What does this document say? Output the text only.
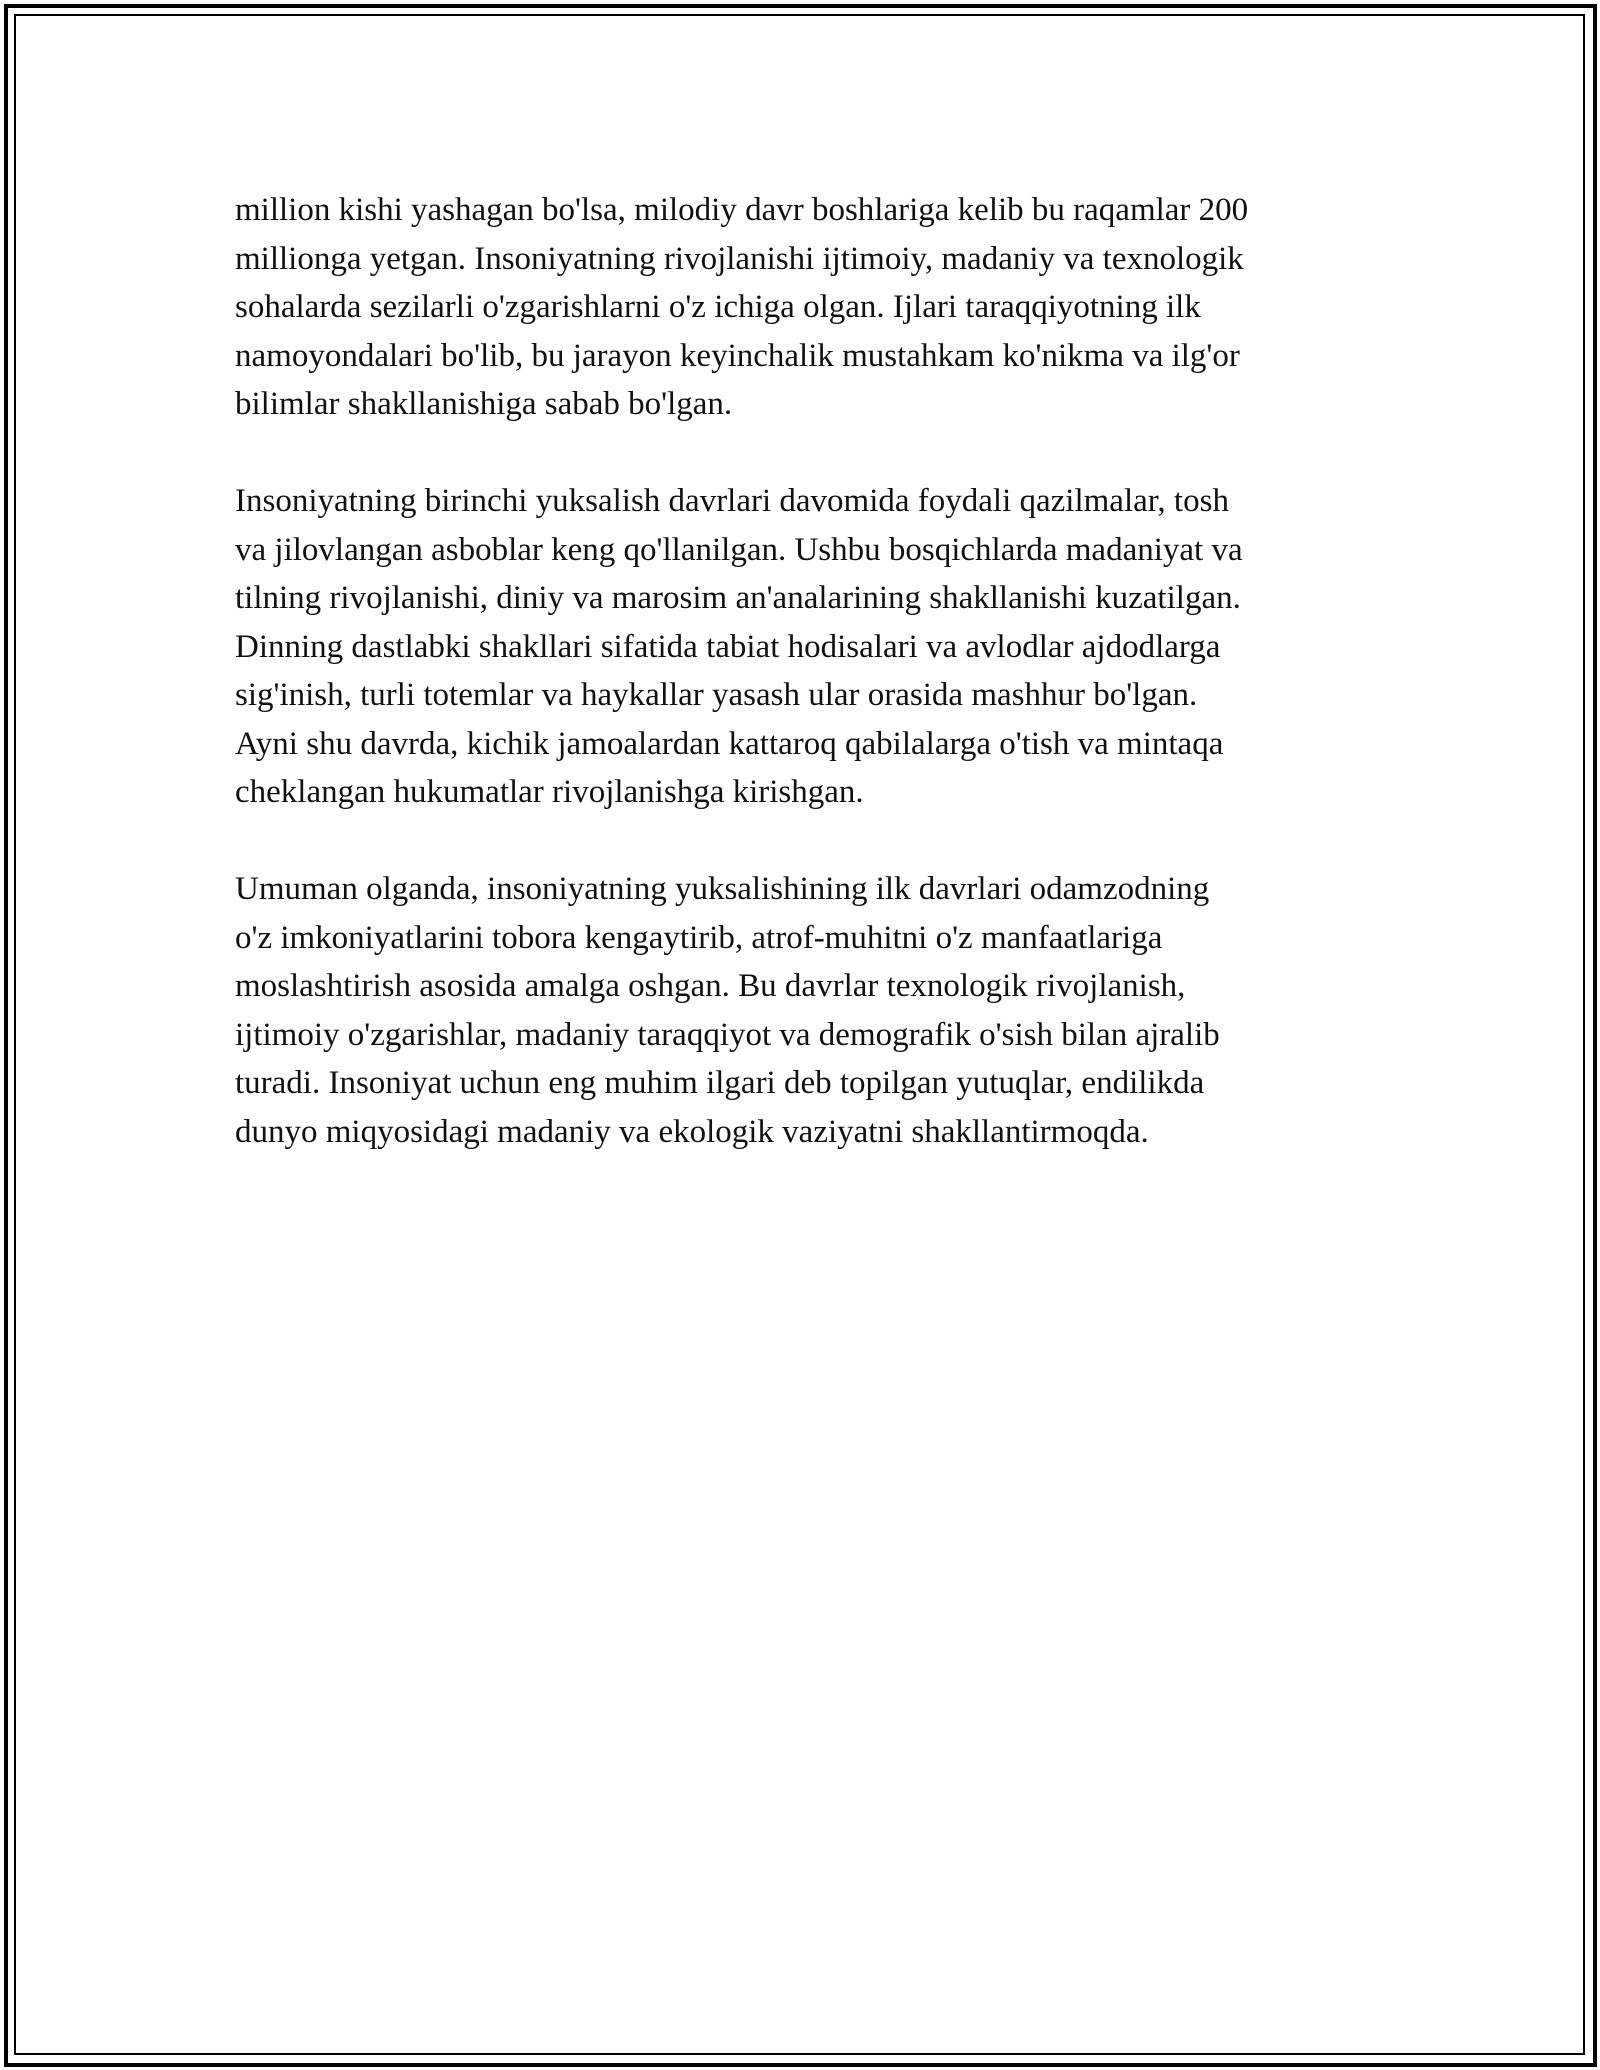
million kishi yashagan bo'lsa, milodiy davr boshlariga kelib bu raqamlar 200
millionga yetgan. Insoniyatning rivojlanishi ijtimoiy, madaniy va texnologik
sohalarda sezilarli o'zgarishlarni o'z ichiga olgan. Ijlari taraqqiyotning ilk
namoyondalari bo'lib, bu jarayon keyinchalik mustahkam ko'nikma va ilg'or
bilimlar shakllanishiga sabab bo'lgan.

Insoniyatning birinchi yuksalish davrlari davomida foydali qazilmalar, tosh
va jilovlangan asboblar keng qo'llanilgan. Ushbu bosqichlarda madaniyat va
tilning rivojlanishi, diniy va marosim an'analarining shakllanishi kuzatilgan.
Dinning dastlabki shakllari sifatida tabiat hodisalari va avlodlar ajdodlarga
sig'inish, turli totemlar va haykallar yasash ular orasida mashhur bo'lgan.
Ayni shu davrda, kichik jamoalardan kattaroq qabilalarga o'tish va mintaqa
cheklangan hukumatlar rivojlanishga kirishgan.

Umuman olganda, insoniyatning yuksalishining ilk davrlari odamzodning
o'z imkoniyatlarini tobora kengaytirib, atrof-muhitni o'z manfaatlariga
moslashtirish asosida amalga oshgan. Bu davrlar texnologik rivojlanish,
ijtimoiy o'zgarishlar, madaniy taraqqiyot va demografik o'sish bilan ajralib
turadi. Insoniyat uchun eng muhim ilgari deb topilgan yutuqlar, endilikda
dunyo miqyosidagi madaniy va ekologik vaziyatni shakllantirmoqda.
